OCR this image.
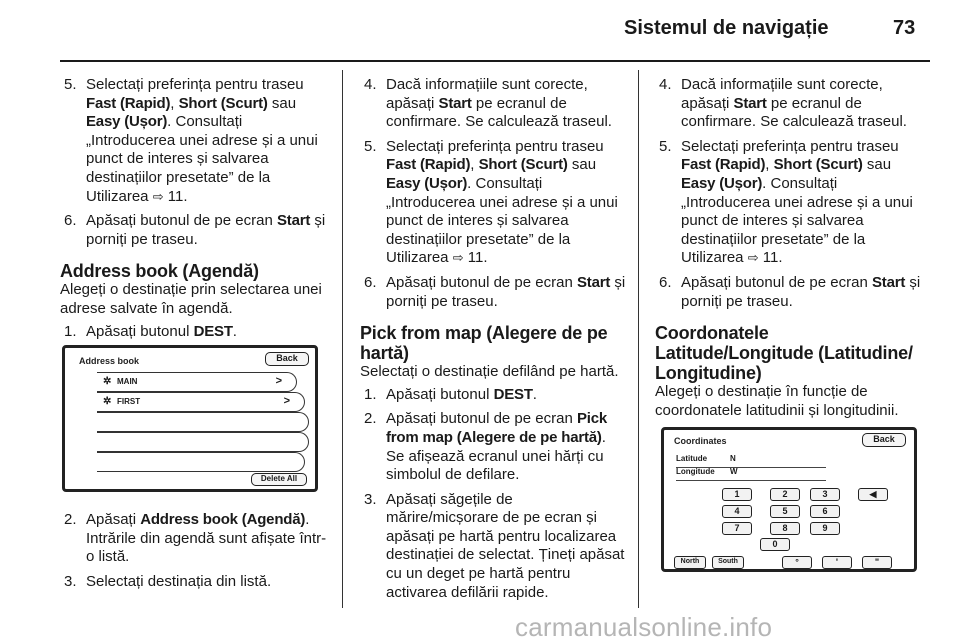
Sistemul de navigație	73
5. Selectați preferința pentru traseu Fast (Rapid), Short (Scurt) sau Easy (Ușor). Consultați „Introducerea unei adrese și a unui punct de interes și salvarea destinațiilor presetate” de la Utilizarea ⇨ 11.
6. Apăsați butonul de pe ecran Start și porniți pe traseu.
Address book (Agendă)
Alegeți o destinație prin selectarea unei adrese salvate în agendă.
1. Apăsați butonul DEST.
2. Apăsați Address book (Agendă). Intrările din agendă sunt afișate într-o listă.
3. Selectați destinația din listă.
Address book	Back
✲ MAIN	>
✲ FIRST	>
Delete All
4. Dacă informațiile sunt corecte, apăsați Start pe ecranul de confirmare. Se calculează traseul.
5. Selectați preferința pentru traseu Fast (Rapid), Short (Scurt) sau Easy (Ușor). Consultați „Introducerea unei adrese și a unui punct de interes și salvarea destinațiilor presetate” de la Utilizarea ⇨ 11.
6. Apăsați butonul de pe ecran Start și porniți pe traseu.
Pick from map (Alegere de pe hartă)
Selectați o destinație defilând pe hartă.
1. Apăsați butonul DEST.
2. Apăsați butonul de pe ecran Pick from map (Alegere de pe hartă). Se afișează ecranul unei hărți cu simbolul de defilare.
3. Apăsați săgețile de mărire/micșorare de pe ecran și apăsați pe hartă pentru localizarea destinației de selectat. Țineți apăsat cu un deget pe hartă pentru activarea defilării rapide.
4. Dacă informațiile sunt corecte, apăsați Start pe ecranul de confirmare. Se calculează traseul.
5. Selectați preferința pentru traseu Fast (Rapid), Short (Scurt) sau Easy (Ușor). Consultați „Introducerea unei adrese și a unui punct de interes și salvarea destinațiilor presetate” de la Utilizarea ⇨ 11.
6. Apăsați butonul de pe ecran Start și porniți pe traseu.
Coordonatele Latitude/Longitude (Latitudine/ Longitudine)
Alegeți o destinație în funcție de coordonatele latitudinii și longitudinii.
Coordinates	Back
Latitude	N
Longitude W
1	2	3	◀
4	5	6
7	8	9
0
North	South	°	'	"
carmanualsonline.info
